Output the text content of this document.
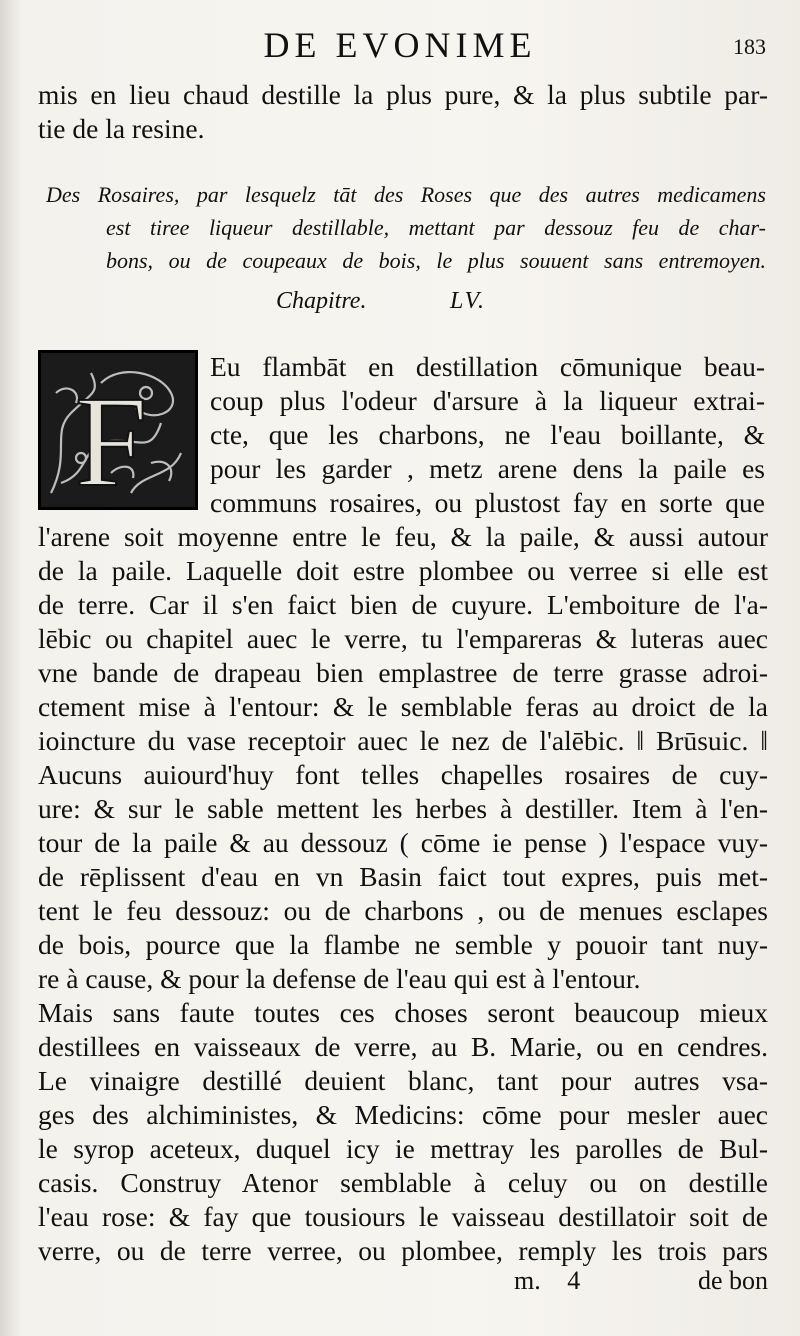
DE EVONIME	183
mis en lieu chaud destille la plus pure, & la plus subtile par-
tie de la resine.
Des Rosaires, par lesquelz tāt des Roses que des autres medicamens
est tiree liqueur destillable, mettant par dessouz feu de char-
bons, ou de coupeaux de bois, le plus souuent sans entremoyen.
Chapitre.	LV.
F
Eu flambāt en destillation cōmunique beau-
coup plus l'odeur d'arsure à la liqueur extrai-
cte, que les charbons, ne l'eau boillante, &
pour les garder , metz arene dens la paile es
communs rosaires, ou plustost fay en sorte que
l'arene soit moyenne entre le feu, & la paile, & aussi autour
de la paile. Laquelle doit estre plombee ou verree si elle est
de terre. Car il s'en faict bien de cuyure. L'emboiture de l'a-
lēbic ou chapitel auec le verre, tu l'empareras & luteras auec
vne bande de drapeau bien emplastree de terre grasse adroi-
ctement mise à l'entour: & le semblable feras au droict de la
ioincture du vase receptoir auec le nez de l'alēbic. ‖ Brūsuic. ‖
Aucuns auiourd'huy font telles chapelles rosaires de cuy-
ure: & sur le sable mettent les herbes à destiller. Item à l'en-
tour de la paile & au dessouz ( cōme ie pense ) l'espace vuy-
de rēplissent d'eau en vn Basin faict tout expres, puis met-
tent le feu dessouz: ou de charbons , ou de menues esclapes
de bois, pource que la flambe ne semble y pouoir tant nuy-
re à cause, & pour la defense de l'eau qui est à l'entour.
Mais sans faute toutes ces choses seront beaucoup mieux
destillees en vaisseaux de verre, au B. Marie, ou en cendres.
Le vinaigre destillé deuient blanc, tant pour autres vsa-
ges des alchiministes, & Medicins: cōme pour mesler auec
le syrop aceteux, duquel icy ie mettray les parolles de Bul-
casis. Construy Atenor semblable à celuy ou on destille
l'eau rose: & fay que tousiours le vaisseau destillatoir soit de
verre, ou de terre verree, ou plombee, remply les trois pars
m. 4	de bon
